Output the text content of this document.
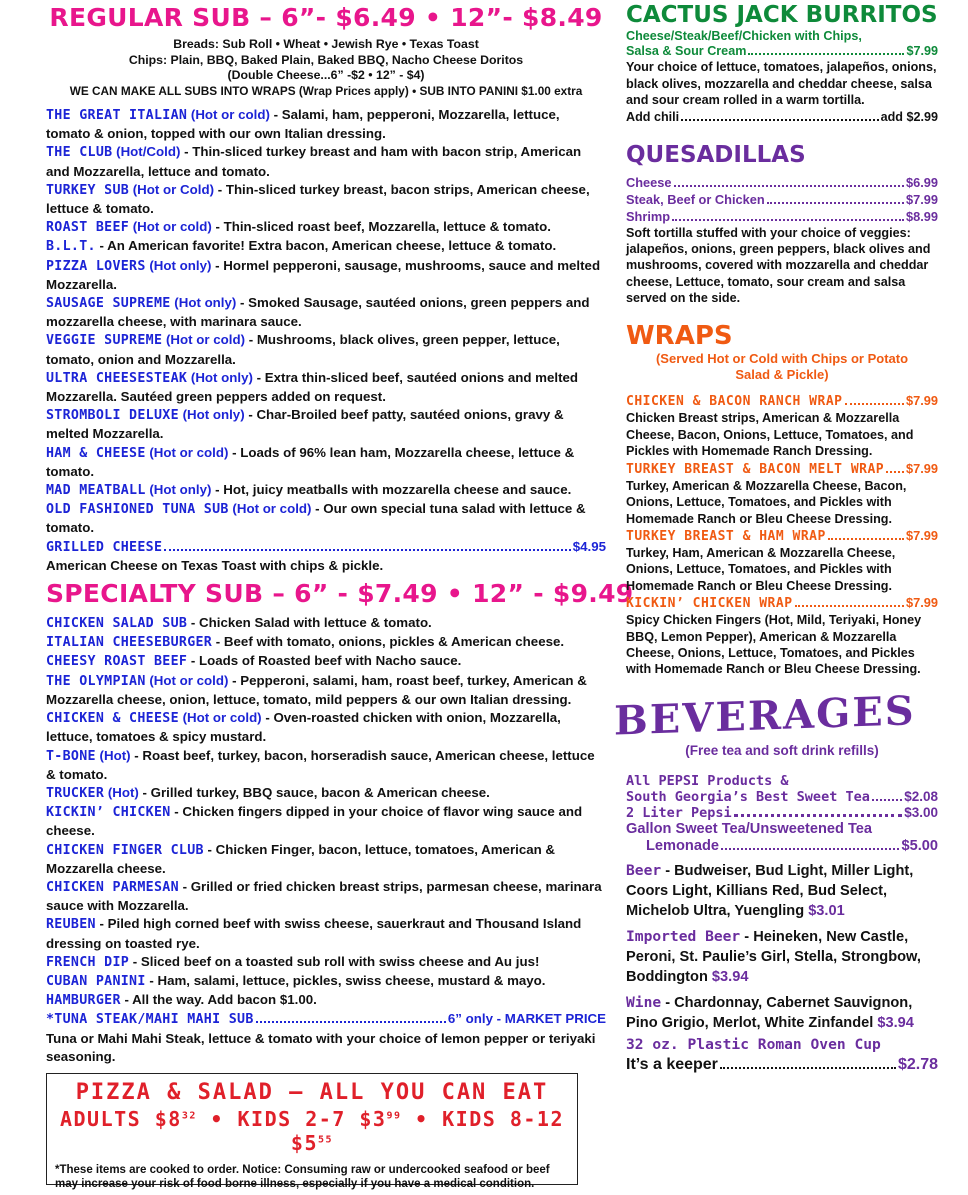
REGULAR SUB – 6”- $6.49 • 12”- $8.49
Breads: Sub Roll • Wheat • Jewish Rye • Texas Toast
Chips: Plain, BBQ, Baked Plain, Baked BBQ, Nacho Cheese Doritos
(Double Cheese...6” -$2 • 12” - $4)
WE CAN MAKE ALL SUBS INTO WRAPS (Wrap Prices apply) • SUB INTO PANINI $1.00 extra

THE GREAT ITALIAN (Hot or cold) - Salami, ham, pepperoni, Mozzarella, lettuce, tomato & onion, topped with our own Italian dressing.

THE CLUB (Hot/Cold) - Thin-sliced turkey breast and ham with bacon strip, American and Mozzarella, lettuce and tomato.

TURKEY SUB (Hot or Cold) - Thin-sliced turkey breast, bacon strips, American cheese, lettuce & tomato.

ROAST BEEF (Hot or cold) - Thin-sliced roast beef, Mozzarella, lettuce & tomato.

B.L.T. - An American favorite! Extra bacon, American cheese, lettuce & tomato.

PIZZA LOVERS (Hot only) - Hormel pepperoni, sausage, mushrooms, sauce and melted Mozzarella.

SAUSAGE SUPREME (Hot only) - Smoked Sausage, sautéed onions, green peppers and mozzarella cheese, with marinara sauce.

VEGGIE SUPREME (Hot or cold) - Mushrooms, black olives, green pepper, lettuce, tomato, onion and Mozzarella.

ULTRA CHEESESTEAK (Hot only) - Extra thin-sliced beef, sautéed onions and melted Mozzarella. Sautéed green peppers added on request.

STROMBOLI DELUXE (Hot only) - Char-Broiled beef patty, sautéed onions, gravy & melted Mozzarella.

HAM & CHEESE (Hot or cold) - Loads of 96% lean ham, Mozzarella cheese, lettuce & tomato.

MAD MEATBALL (Hot only) - Hot, juicy meatballs with mozzarella cheese and sauce.

OLD FASHIONED TUNA SUB (Hot or cold) - Our own special tuna salad with lettuce & tomato.

GRILLED CHEESE	$4.95
American Cheese on Texas Toast with chips & pickle.
SPECIALTY SUB – 6” - $7.49 • 12” - $9.49

CHICKEN SALAD SUB - Chicken Salad with lettuce & tomato.

ITALIAN CHEESEBURGER - Beef with tomato, onions, pickles & American cheese.

CHEESY ROAST BEEF - Loads of Roasted beef with Nacho sauce.

THE OLYMPIAN (Hot or cold) - Pepperoni, salami, ham, roast beef, turkey, American & Mozzarella cheese, onion, lettuce, tomato, mild peppers & our own Italian dressing.

CHICKEN & CHEESE (Hot or cold) - Oven-roasted chicken with onion, Mozzarella, lettuce, tomatoes & spicy mustard.

T-BONE (Hot) - Roast beef, turkey, bacon, horseradish sauce, American cheese, lettuce & tomato.

TRUCKER (Hot) - Grilled turkey, BBQ sauce, bacon & American cheese.

KICKIN’ CHICKEN - Chicken fingers dipped in your choice of flavor wing sauce and cheese.

CHICKEN FINGER CLUB - Chicken Finger, bacon, lettuce, tomatoes, American & Mozzarella cheese.

CHICKEN PARMESAN - Grilled or fried chicken breast strips, parmesan cheese, marinara sauce with Mozzarella.

REUBEN - Piled high corned beef with swiss cheese, sauerkraut and Thousand Island dressing on toasted rye.

FRENCH DIP - Sliced beef on a toasted sub roll with swiss cheese and Au jus!

CUBAN PANINI - Ham, salami, lettuce, pickles, swiss cheese, mustard & mayo.

HAMBURGER - All the way. Add bacon $1.00.

*TUNA STEAK/MAHI MAHI SUB	6” only - MARKET PRICE
Tuna or Mahi Mahi Steak, lettuce & tomato with your choice of lemon pepper or teriyaki seasoning.
PIZZA & SALAD – ALL YOU CAN EAT
ADULTS $\$8^{32}$ • KIDS 2-7 $\$3^{99}$ • KIDS 8-12 $\$5^{55}$
*These items are cooked to order. Notice: Consuming raw or undercooked seafood or beef may increase your risk of food borne illness, especially if you have a medical condition.
CACTUS JACK BURRITOS
Cheese/Steak/Beef/Chicken with Chips,
Salsa & Sour Cream	$7.99
Your choice of lettuce, tomatoes, jalapeños, onions, black olives, mozzarella and cheddar cheese, salsa and sour cream rolled in a warm tortilla.
Add chili	add $2.99
QUESADILLAS
Cheese	$6.99
Steak, Beef or Chicken	$7.99
Shrimp	$8.99
Soft tortilla stuffed with your choice of veggies: jalapeños, onions, green peppers, black olives and mushrooms, covered with mozzarella and cheddar cheese, Lettuce, tomato, sour cream and salsa served on the side.
WRAPS
(Served Hot or Cold with Chips or Potato Salad & Pickle)
CHICKEN & BACON RANCH WRAP	$7.99
Chicken Breast strips, American & Mozzarella Cheese, Bacon, Onions, Lettuce, Tomatoes, and Pickles with Homemade Ranch Dressing.
TURKEY BREAST & BACON MELT WRAP $7.99
Turkey, American & Mozzarella Cheese, Bacon, Onions, Lettuce, Tomatoes, and Pickles with Homemade Ranch or Bleu Cheese Dressing.
TURKEY BREAST & HAM WRAP	$7.99
Turkey, Ham, American & Mozzarella Cheese, Onions, Lettuce, Tomatoes, and Pickles with Homemade Ranch or Bleu Cheese Dressing.
KICKIN’ CHICKEN WRAP	$7.99
Spicy Chicken Fingers (Hot, Mild, Teriyaki, Honey BBQ, Lemon Pepper), American & Mozzarella Cheese, Onions, Lettuce, Tomatoes, and Pickles with Homemade Ranch or Bleu Cheese Dressing.
BEVERAGES
(Free tea and soft drink refills)
All PEPSI Products &
South Georgia’s Best Sweet Tea	$2.08
2 Liter Pepsi	$3.00
Gallon Sweet Tea/Unsweetened Tea
Lemonade	$5.00
Beer - Budweiser, Bud Light, Miller Light, Coors Light, Killians Red, Bud Select, Michelob Ultra, Yuengling $3.01
Imported Beer - Heineken, New Castle, Peroni, St. Paulie’s Girl, Stella, Strongbow, Boddington $3.94
Wine - Chardonnay, Cabernet Sauvignon, Pino Grigio, Merlot, White Zinfandel $3.94
32 oz. Plastic Roman Oven Cup
It’s a keeper	$2.78
